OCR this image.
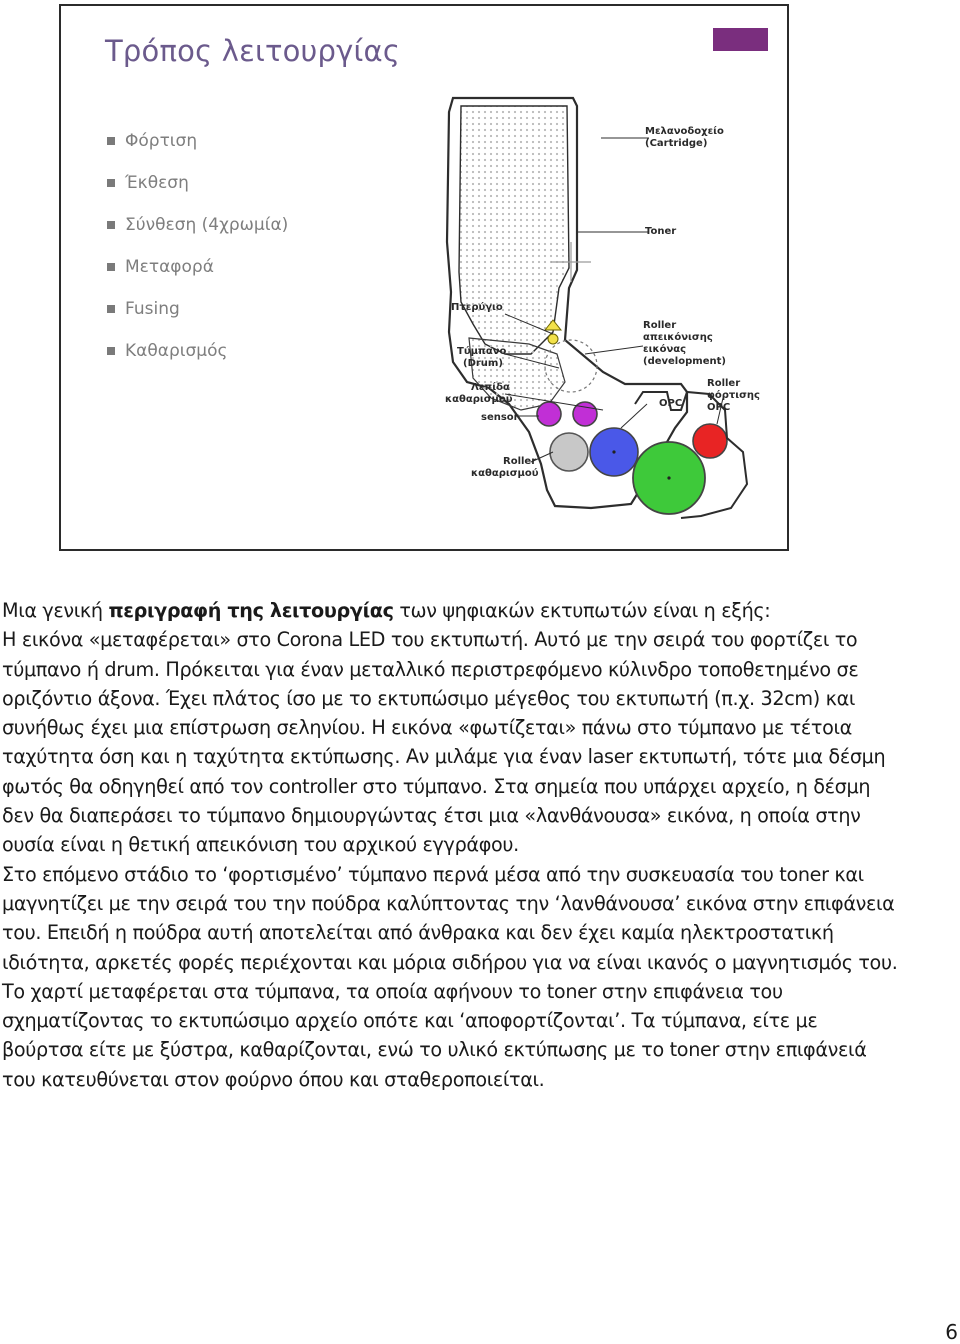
Τρόπος λειτουργίας
Φόρτιση
Έκθεση
Σύνθεση (4χρωμία)
Μεταφορά
Fusing
Καθαρισμός
Μελανοδοχείο
(Cartridge)
Toner
Πτερύγιο
Τύμπανο
(Drum)
Λεπίδα
καθαρισμού
sensor
Roller
καθαρισμού
Roller
απεικόνισης
εικόνας
(development)
OPC
Roller
φόρτισης
OPC

Μια γενική περιγραφή της λειτουργίας των ψηφιακών εκτυπωτών είναι η εξής:
Η εικόνα «μεταφέρεται» στο Corona LED του εκτυπωτή. Αυτό με την σειρά του φορτίζει το τύμπανο ή drum. Πρόκειται για έναν μεταλλικό περιστρεφόμενο κύλινδρο τοποθετημένο σε οριζόντιο άξονα. Έχει πλάτος ίσο με το εκτυπώσιμο μέγεθος του εκτυπωτή (π.χ. 32cm) και συνήθως έχει μια επίστρωση σεληνίου. Η εικόνα «φωτίζεται» πάνω στο τύμπανο με τέτοια ταχύτητα όση και η ταχύτητα εκτύπωσης. Αν μιλάμε για έναν laser εκτυπωτή, τότε μια δέσμη φωτός θα οδηγηθεί από τον controller στο τύμπανο. Στα σημεία που υπάρχει αρχείο, η δέσμη δεν θα διαπεράσει το τύμπανο δημιουργώντας έτσι μια «λανθάνουσα» εικόνα, η οποία στην ουσία είναι η θετική απεικόνιση του αρχικού εγγράφου.

Στο επόμενο στάδιο το ‘φορτισμένο’ τύμπανο περνά μέσα από την συσκευασία του toner και μαγνητίζει με την σειρά του την πούδρα καλύπτοντας την ‘λανθάνουσα’ εικόνα στην επιφάνεια του. Επειδή η πούδρα αυτή αποτελείται από άνθρακα και δεν έχει καμία ηλεκτροστατική ιδιότητα, αρκετές φορές περιέχονται και μόρια σιδήρου για να είναι ικανός ο μαγνητισμός του.

Το χαρτί μεταφέρεται στα τύμπανα, τα οποία αφήνουν το toner στην επιφάνεια του σχηματίζοντας το εκτυπώσιμο αρχείο οπότε και ‘αποφορτίζονται’. Τα τύμπανα, είτε με βούρτσα είτε με ξύστρα, καθαρίζονται, ενώ το υλικό εκτύπωσης με το toner στην επιφάνειά του κατευθύνεται στον φούρνο όπου και σταθεροποιείται.

6
